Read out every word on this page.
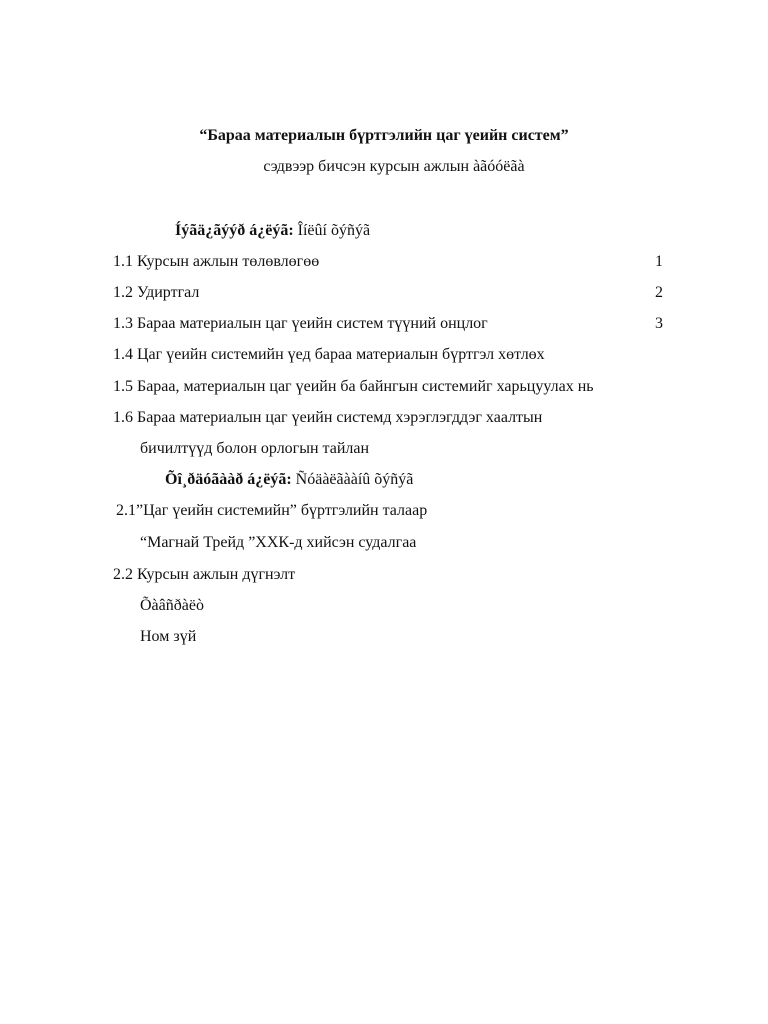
“Бараа материалын бүртгэлийн цаг үеийн систем”
сэдвээр бичсэн курсын ажлын àãóóëãà
Íýãä¿ãýýð á¿ëýã: Îíëûí õýñýã
1.1 Курсын ажлын төлөвлөгөө	1
1.2 Удиртгал	2
1.3 Бараа материалын цаг үеийн систем түүний онцлог	3
1.4 Цаг үеийн системийн үед бараа материалын бүртгэл хөтлөх
1.5 Бараа, материалын цаг үеийн ба байнгын системийг харьцуулах нь
1.6 Бараа материалын цаг үеийн системд хэрэглэгддэг хаалтын
бичилтүүд болон орлогын тайлан
Õî¸ðäóãààð á¿ëýã: Ñóäàëãààíû õýñýã
2.1”Цаг үеийн системийн” бүртгэлийн талаар
“Магнай Трейд ”ХХК-д хийсэн судалгаа
2.2 Курсын ажлын дүгнэлт
Õàâñðàëò
Ном зүй
